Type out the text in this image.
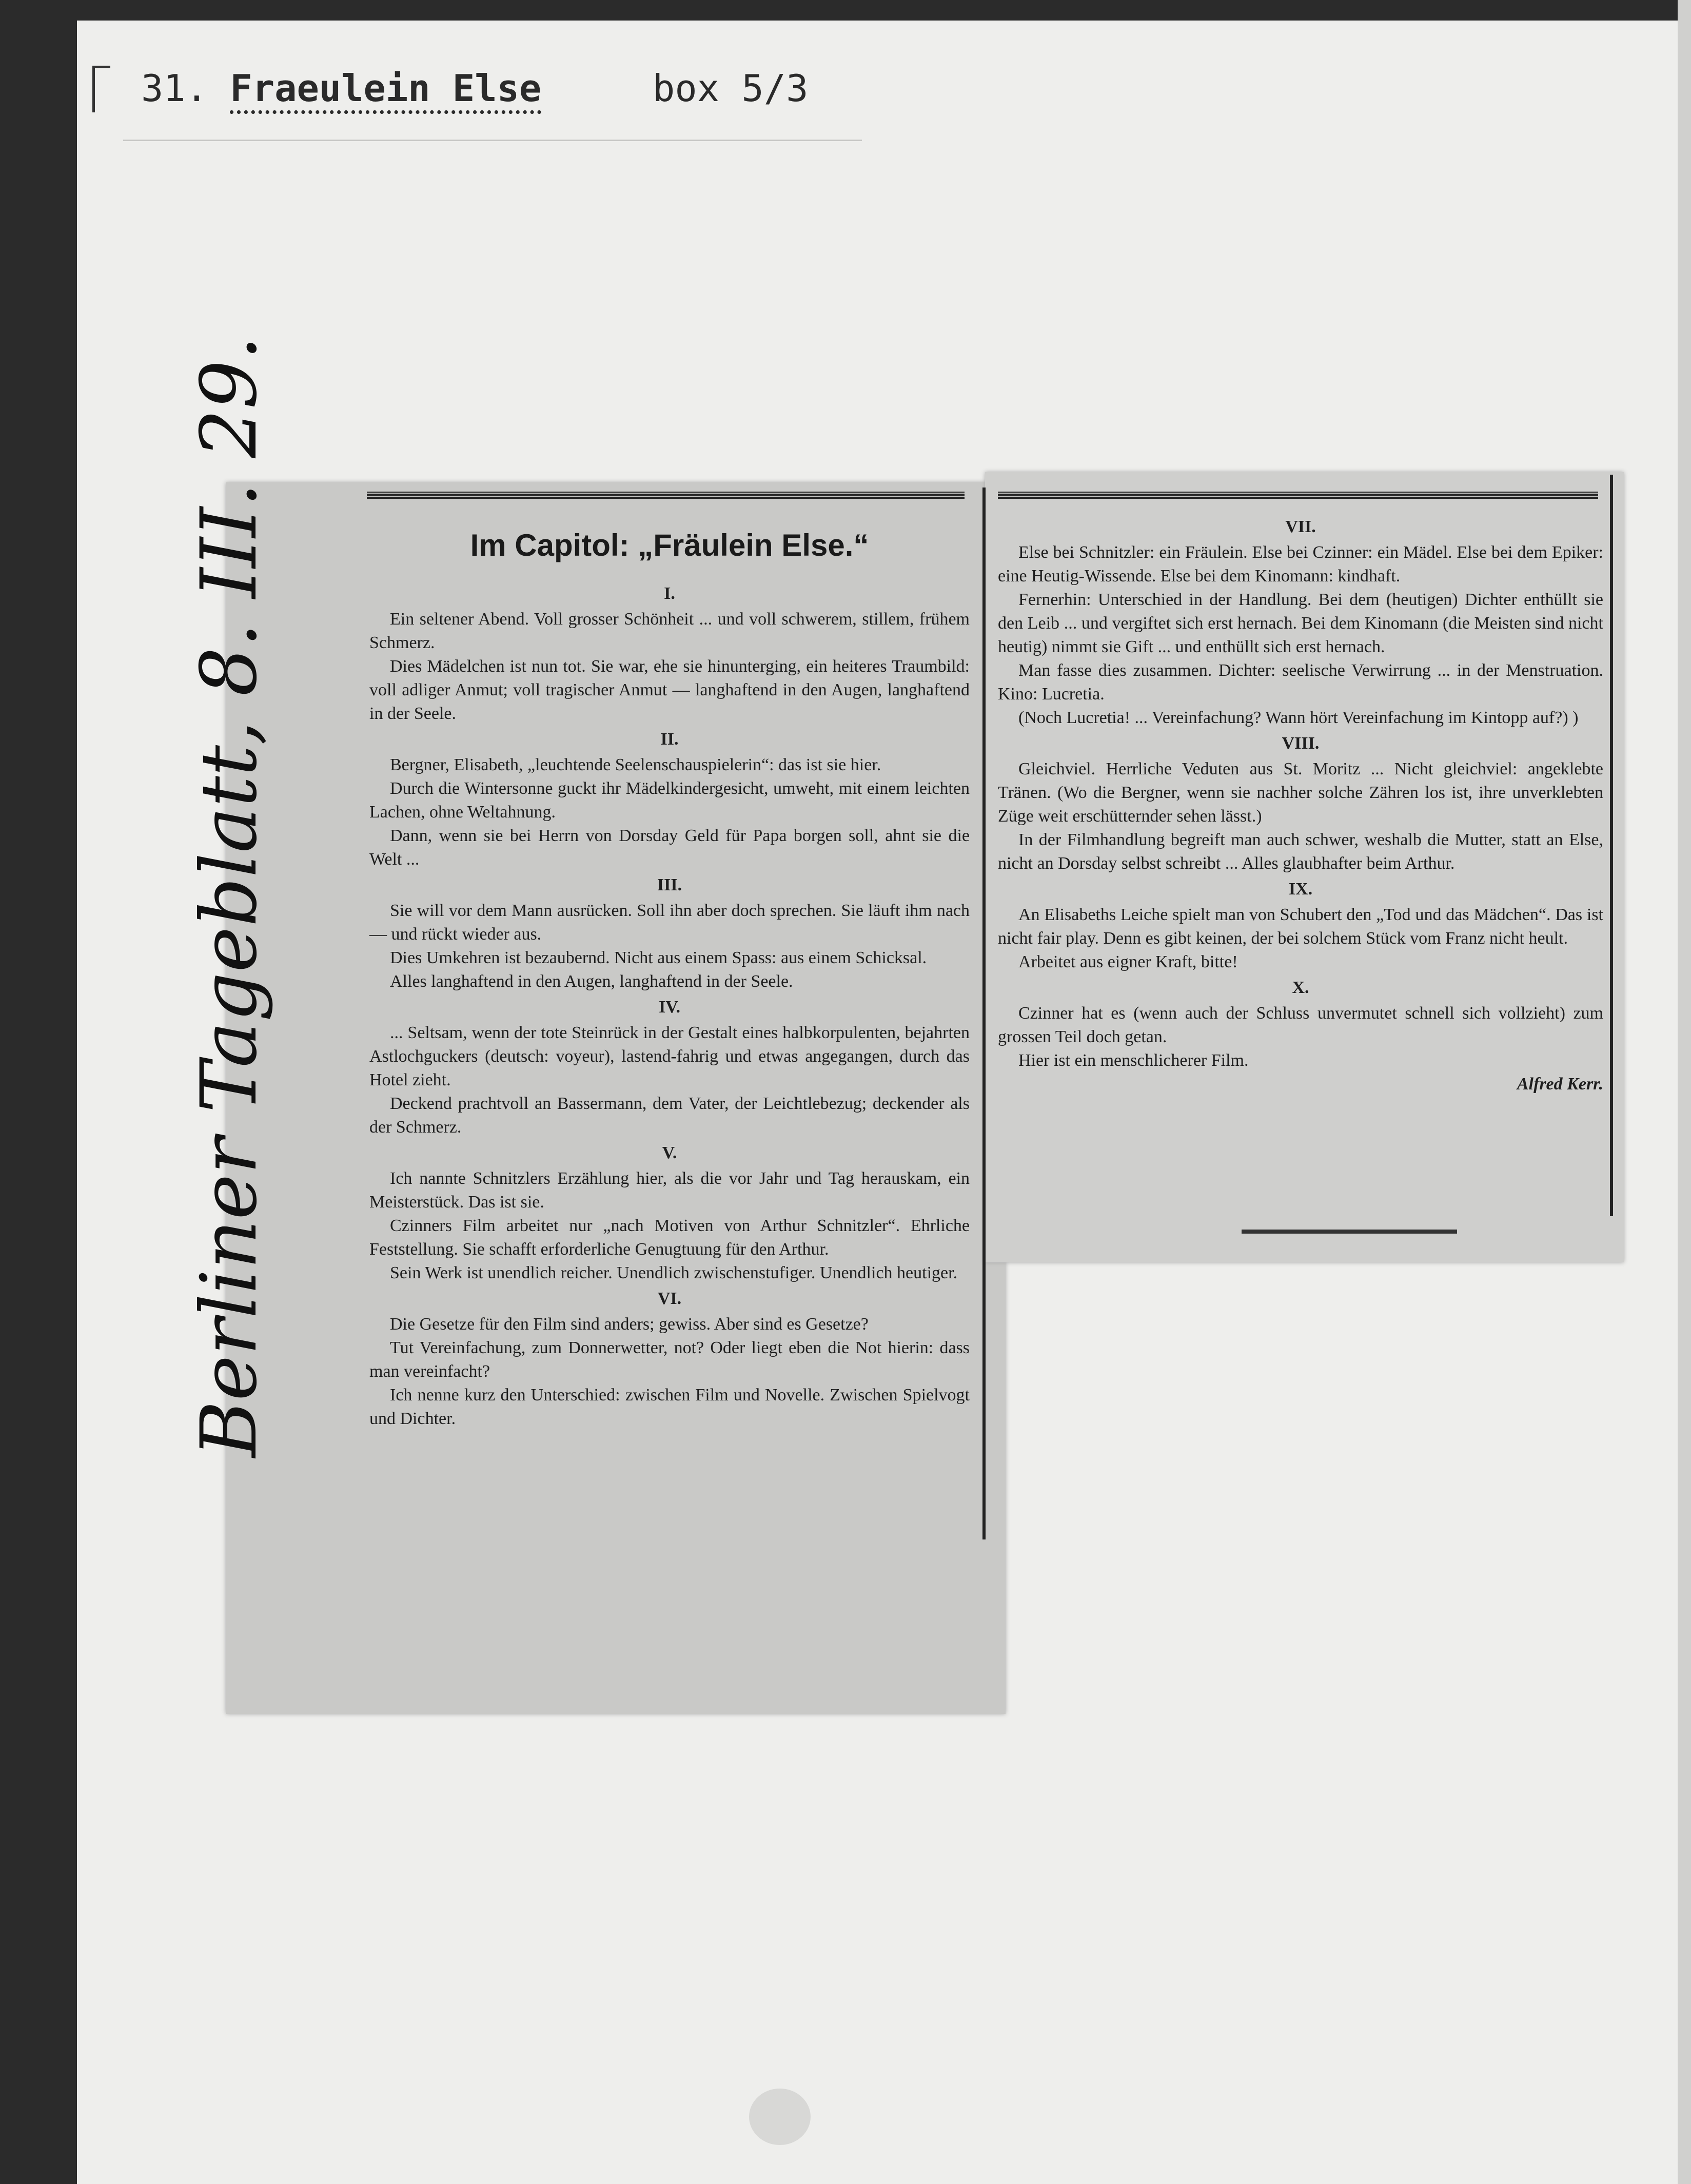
31. Fraeulein Else	box 5/3
Im Capitol: „Fräulein Else.“

I.

Ein seltener Abend. Voll grosser Schönheit ... und voll schwerem, stillem, frühem Schmerz.

Dies Mädelchen ist nun tot. Sie war, ehe sie hinunterging, ein heiteres Traumbild: voll adliger Anmut; voll tragischer Anmut — langhaftend in den Augen, langhaftend in der Seele.

II.

Bergner, Elisabeth, „leuchtende Seelenschauspielerin“: das ist sie hier.

Durch die Wintersonne guckt ihr Mädelkindergesicht, umweht, mit einem leichten Lachen, ohne Weltahnung.

Dann, wenn sie bei Herrn von Dorsday Geld für Papa borgen soll, ahnt sie die Welt ...

III.

Sie will vor dem Mann ausrücken. Soll ihn aber doch sprechen. Sie läuft ihm nach — und rückt wieder aus.

Dies Umkehren ist bezaubernd. Nicht aus einem Spass: aus einem Schicksal.

Alles langhaftend in den Augen, langhaftend in der Seele.

IV.

... Seltsam, wenn der tote Steinrück in der Gestalt eines halbkorpulenten, bejahrten Astlochguckers (deutsch: voyeur), lastend-fahrig und etwas angegangen, durch das Hotel zieht.

Deckend prachtvoll an Bassermann, dem Vater, der Leichtlebezug; deckender als der Schmerz.

V.

Ich nannte Schnitzlers Erzählung hier, als die vor Jahr und Tag herauskam, ein Meisterstück. Das ist sie.

Czinners Film arbeitet nur „nach Motiven von Arthur Schnitzler“. Ehrliche Feststellung. Sie schafft erforderliche Genugtuung für den Arthur.

Sein Werk ist unendlich reicher. Unendlich zwischenstufiger. Unendlich heutiger.

VI.

Die Gesetze für den Film sind anders; gewiss. Aber sind es Gesetze?

Tut Vereinfachung, zum Donnerwetter, not? Oder liegt eben die Not hierin: dass man vereinfacht?

Ich nenne kurz den Unterschied: zwischen Film und Novelle. Zwischen Spielvogt und Dichter.

VII.

Else bei Schnitzler: ein Fräulein. Else bei Czinner: ein Mädel. Else bei dem Epiker: eine Heutig-Wissende. Else bei dem Kinomann: kindhaft.

Fernerhin: Unterschied in der Handlung. Bei dem (heutigen) Dichter enthüllt sie den Leib ... und vergiftet sich erst hernach. Bei dem Kinomann (die Meisten sind nicht heutig) nimmt sie Gift ... und enthüllt sich erst hernach.

Man fasse dies zusammen. Dichter: seelische Verwirrung ... in der Menstruation. Kino: Lucretia.

(Noch Lucretia! ... Vereinfachung? Wann hört Vereinfachung im Kintopp auf?) )

VIII.

Gleichviel. Herrliche Veduten aus St. Moritz ... Nicht gleichviel: angeklebte Tränen. (Wo die Bergner, wenn sie nachher solche Zähren los ist, ihre unverklebten Züge weit erschütternder sehen lässt.)

In der Filmhandlung begreift man auch schwer, weshalb die Mutter, statt an Else, nicht an Dorsday selbst schreibt ... Alles glaubhafter beim Arthur.

IX.

An Elisabeths Leiche spielt man von Schubert den „Tod und das Mädchen“. Das ist nicht fair play. Denn es gibt keinen, der bei solchem Stück vom Franz nicht heult.

Arbeitet aus eigner Kraft, bitte!

X.

Czinner hat es (wenn auch der Schluss unvermutet schnell sich vollzieht) zum grossen Teil doch getan.

Hier ist ein menschlicherer Film.

Alfred Kerr.

Berliner Tageblatt, 8. III. 29.
